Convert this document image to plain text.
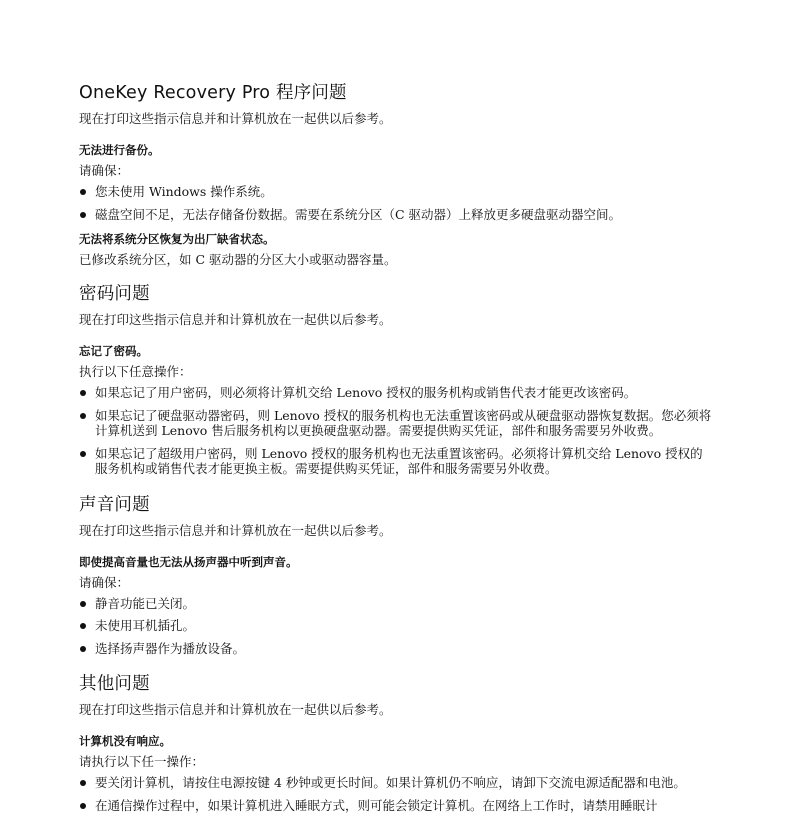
OneKey Recovery Pro 程序问题

现在打印这些指示信息并和计算机放在一起供以后参考。

无法进行备份。

请确保：

您未使用 Windows 操作系统。
磁盘空间不足，无法存储备份数据。需要在系统分区（C 驱动器）上释放更多硬盘驱动器空间。

无法将系统分区恢复为出厂缺省状态。

已修改系统分区，如 C 驱动器的分区大小或驱动器容量。

密码问题

现在打印这些指示信息并和计算机放在一起供以后参考。

忘记了密码。

执行以下任意操作：

如果忘记了用户密码，则必须将计算机交给 Lenovo 授权的服务机构或销售代表才能更改该密码。
如果忘记了硬盘驱动器密码，则 Lenovo 授权的服务机构也无法重置该密码或从硬盘驱动器恢复数据。您必须将计算机送到 Lenovo 售后服务机构以更换硬盘驱动器。需要提供购买凭证，部件和服务需要另外收费。
如果忘记了超级用户密码，则 Lenovo 授权的服务机构也无法重置该密码。必须将计算机交给 Lenovo 授权的服务机构或销售代表才能更换主板。需要提供购买凭证，部件和服务需要另外收费。
声音问题

现在打印这些指示信息并和计算机放在一起供以后参考。

即使提高音量也无法从扬声器中听到声音。

请确保：

静音功能已关闭。
未使用耳机插孔。
选择扬声器作为播放设备。
其他问题

现在打印这些指示信息并和计算机放在一起供以后参考。

计算机没有响应。

请执行以下任一操作：

要关闭计算机，请按住电源按键 4 秒钟或更长时间。如果计算机仍不响应，请卸下交流电源适配器和电池。
在通信操作过程中，如果计算机进入睡眠方式，则可能会锁定计算机。在网络上工作时，请禁用睡眠计
